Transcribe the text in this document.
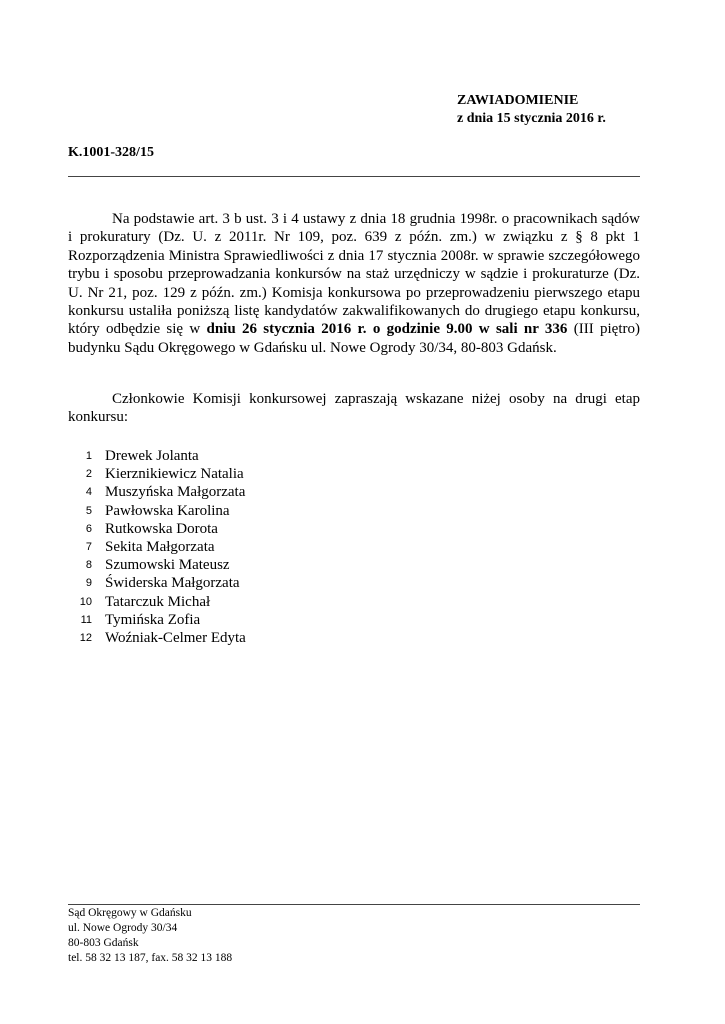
ZAWIADOMIENIE
z dnia 15 stycznia 2016 r.
K.1001-328/15

Na podstawie art. 3 b ust. 3 i 4 ustawy z dnia 18 grudnia 1998r. o pracownikach sądów i prokuratury (Dz. U. z 2011r. Nr 109, poz. 639 z późn. zm.) w związku z § 8 pkt 1 Rozporządzenia Ministra Sprawiedliwości z dnia 17 stycznia 2008r. w sprawie szczegółowego trybu i sposobu przeprowadzania konkursów na staż urzędniczy w sądzie i prokuraturze (Dz. U. Nr 21, poz. 129 z późn. zm.) Komisja konkursowa po przeprowadzeniu pierwszego etapu konkursu ustaliła poniższą listę kandydatów zakwalifikowanych do drugiego etapu konkursu, który odbędzie się w dniu 26 stycznia 2016 r. o godzinie 9.00 w sali nr 336 (III piętro) budynku Sądu Okręgowego w Gdańsku ul. Nowe Ogrody 30/34, 80-803 Gdańsk.

Członkowie Komisji konkursowej zapraszają wskazane niżej osoby na drugi etap konkursu:

1 Drewek Jolanta
2 Kierznikiewicz Natalia
4 Muszyńska Małgorzata
5 Pawłowska Karolina
6 Rutkowska Dorota
7 Sekita Małgorzata
8 Szumowski Mateusz
9 Świderska Małgorzata
10 Tatarczuk Michał
11 Tymińska Zofia
12 Woźniak-Celmer Edyta
Sąd Okręgowy w Gdańsku
ul. Nowe Ogrody 30/34
80-803 Gdańsk
tel. 58 32 13 187, fax. 58 32 13 188
